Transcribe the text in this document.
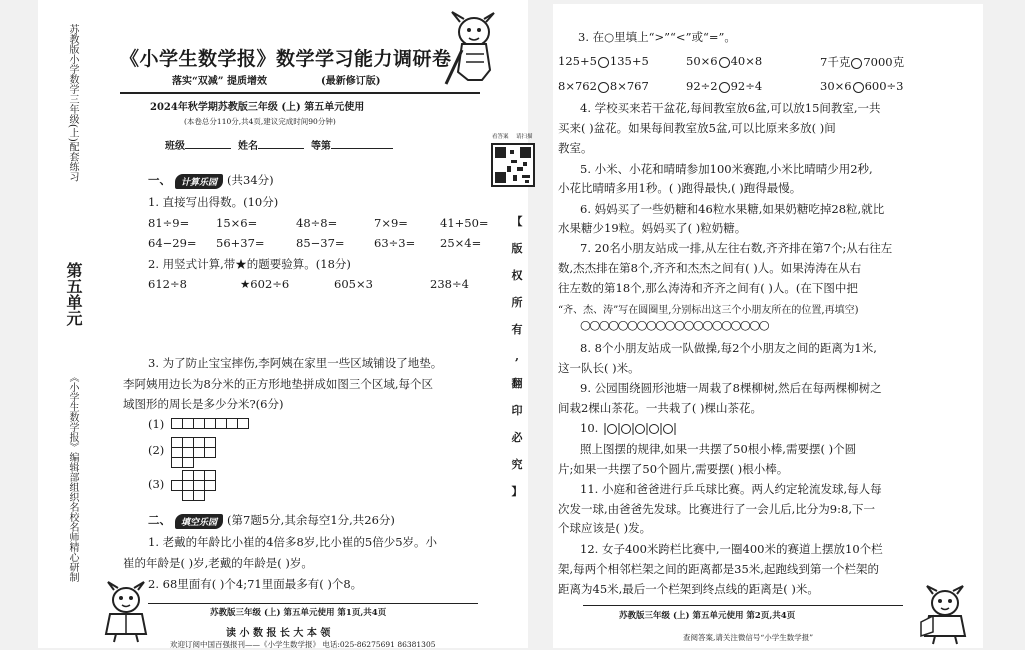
苏教版小学数学三年级(上)配套练习
第五单元
《小学生数学报》编辑部组织名校名师精心研制
《小学生数学报》数学学习能力调研卷
落实“双减” 提质增效	(最新修订版)
2024年秋学期苏教版三年级 (上) 第五单元使用
(本卷总分110分,共4页,建议完成时间90分钟)
班级	姓名	等第
看答案 请扫描
【
版
权
所
有
,
翻
印
必
究
】
一、 计算乐园 (共34分)
1. 直接写出得数。(10分)
81÷9= 15×6=	48÷8=	7×9=	41+50=
64−29= 56+37=	85−37=	63÷3= 25×4=
2. 用竖式计算,带★的题要验算。(18分)
612÷8	★602÷6	605×3	238÷4
3. 为了防止宝宝摔伤,李阿姨在家里一些区域铺设了地垫。
李阿姨用边长为8分米的正方形地垫拼成如图三个区域,每个区
域图形的周长是多少分米?(6分)
(1)
(2)
(3)
二、 填空乐园 (第7题5分,其余每空1分,共26分)
1. 老戴的年龄比小崔的4倍多8岁,比小崔的5倍少5岁。小
崔的年龄是( )岁,老戴的年龄是( )岁。
2. 68里面有( )个4;71里面最多有( )个8。
苏教版三年级 (上) 第五单元使用 第1页,共4页
读 小 数 报 长 大 本 领
欢迎订阅中国百强报刊——《小学生数学报》 电话:025-86275691 86381305
3. 在○里填上“>”“<”或“=”。
125+5 135+5	50×6 40×8	7千克 7000克
8×762 8×767	92÷2 92÷4	30×6 600÷3
4. 学校买来若干盆花,每间教室放6盆,可以放15间教室,一共
买来( )盆花。如果每间教室放5盆,可以比原来多放( )间
教室。
5. 小米、小花和晴晴参加100米赛跑,小米比晴晴少用2秒,
小花比晴晴多用1秒。( )跑得最快,( )跑得最慢。
6. 妈妈买了一些奶糖和46粒水果糖,如果奶糖吃掉28粒,就比
水果糖少19粒。妈妈买了( )粒奶糖。
7. 20名小朋友站成一排,从左往右数,齐齐排在第7个;从右往左
数,杰杰排在第8个,齐齐和杰杰之间有( )人。如果涛涛在从右
往左数的第18个,那么涛涛和齐齐之间有( )人。(在下图中把
“齐、杰、涛”写在圆圈里,分别标出这三个小朋友所在的位置,再填空)
○○○○○○○○○○○○○○○○○○○○
8. 8个小朋友站成一队做操,每2个小朋友之间的距离为1米,
这一队长( )米。
9. 公园围绕圆形池塘一周栽了8棵柳树,然后在每两棵柳树之
间栽2棵山茶花。一共栽了( )棵山茶花。
10.
照上图摆的规律,如果一共摆了50根小棒,需要摆( )个圆
片;如果一共摆了50个圆片,需要摆( )根小棒。
11. 小庭和爸爸进行乒乓球比赛。两人约定轮流发球,每人每
次发一球,由爸爸先发球。比赛进行了一会儿后,比分为9:8,下一
个球应该是( )发。
12. 女子400米跨栏比赛中,一圈400米的赛道上摆放10个栏
架,每两个相邻栏架之间的距离都是35米,起跑线到第一个栏架的
距离为45米,最后一个栏架到终点线的距离是( )米。
苏教版三年级 (上) 第五单元使用 第2页,共4页
查阅答案,请关注微信号“小学生数学报”
